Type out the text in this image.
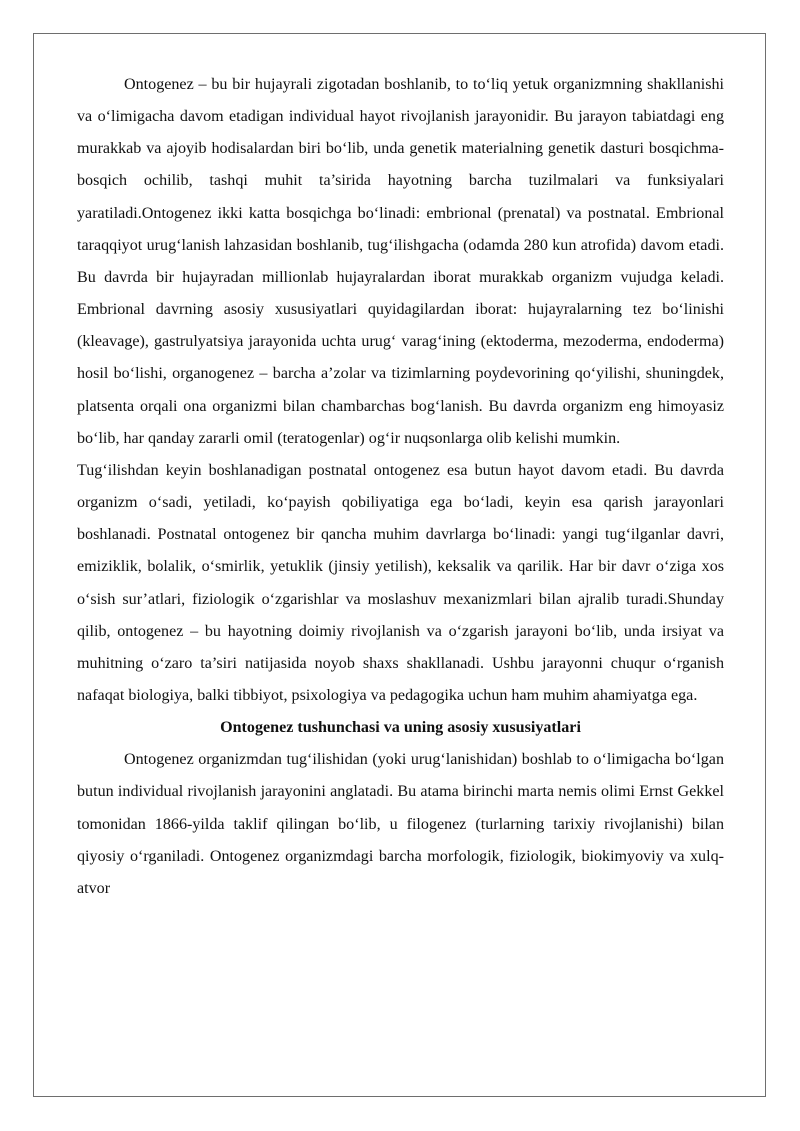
Ontogenez – bu bir hujayrali zigotadan boshlanib, to to‘liq yetuk organizmning shakllanishi va o‘limigacha davom etadigan individual hayot rivojlanish jarayonidir. Bu jarayon tabiatdagi eng murakkab va ajoyib hodisalardan biri bo‘lib, unda genetik materialning genetik dasturi bosqichma-bosqich ochilib, tashqi muhit ta’sirida hayotning barcha tuzilmalari va funksiyalari yaratiladi.Ontogenez ikki katta bosqichga bo‘linadi: embrional (prenatal) va postnatal. Embrional taraqqiyot urug‘lanish lahzasidan boshlanib, tug‘ilishgacha (odamda 280 kun atrofida) davom etadi. Bu davrda bir hujayradan millionlab hujayralardan iborat murakkab organizm vujudga keladi. Embrional davrning asosiy xususiyatlari quyidagilardan iborat: hujayralarning tez bo‘linishi (kleavage), gastrulyatsiya jarayonida uchta urug‘ varag‘ining (ektoderma, mezoderma, endoderma) hosil bo‘lishi, organogenez – barcha a’zolar va tizimlarning poydevorining qo‘yilishi, shuningdek, platsenta orqali ona organizmi bilan chambarchas bog‘lanish. Bu davrda organizm eng himoyasiz bo‘lib, har qanday zararli omil (teratogenlar) og‘ir nuqsonlarga olib kelishi mumkin.

Tug‘ilishdan keyin boshlanadigan postnatal ontogenez esa butun hayot davom etadi. Bu davrda organizm o‘sadi, yetiladi, ko‘payish qobiliyatiga ega bo‘ladi, keyin esa qarish jarayonlari boshlanadi. Postnatal ontogenez bir qancha muhim davrlarga bo‘linadi: yangi tug‘ilganlar davri, emiziklik, bolalik, o‘smirlik, yetuklik (jinsiy yetilish), keksalik va qarilik. Har bir davr o‘ziga xos o‘sish sur’atlari, fiziologik o‘zgarishlar va moslashuv mexanizmlari bilan ajralib turadi.Shunday qilib, ontogenez – bu hayotning doimiy rivojlanish va o‘zgarish jarayoni bo‘lib, unda irsiyat va muhitning o‘zaro ta’siri natijasida noyob shaxs shakllanadi. Ushbu jarayonni chuqur o‘rganish nafaqat biologiya, balki tibbiyot, psixologiya va pedagogika uchun ham muhim ahamiyatga ega.

Ontogenez tushunchasi va uning asosiy xususiyatlari

Ontogenez organizmdan tug‘ilishidan (yoki urug‘lanishidan) boshlab to o‘limigacha bo‘lgan butun individual rivojlanish jarayonini anglatadi. Bu atama birinchi marta nemis olimi Ernst Gekkel tomonidan 1866-yilda taklif qilingan bo‘lib, u filogenez (turlarning tarixiy rivojlanishi) bilan qiyosiy o‘rganiladi. Ontogenez organizmdagi barcha morfologik, fiziologik, biokimyoviy va xulq-atvor
